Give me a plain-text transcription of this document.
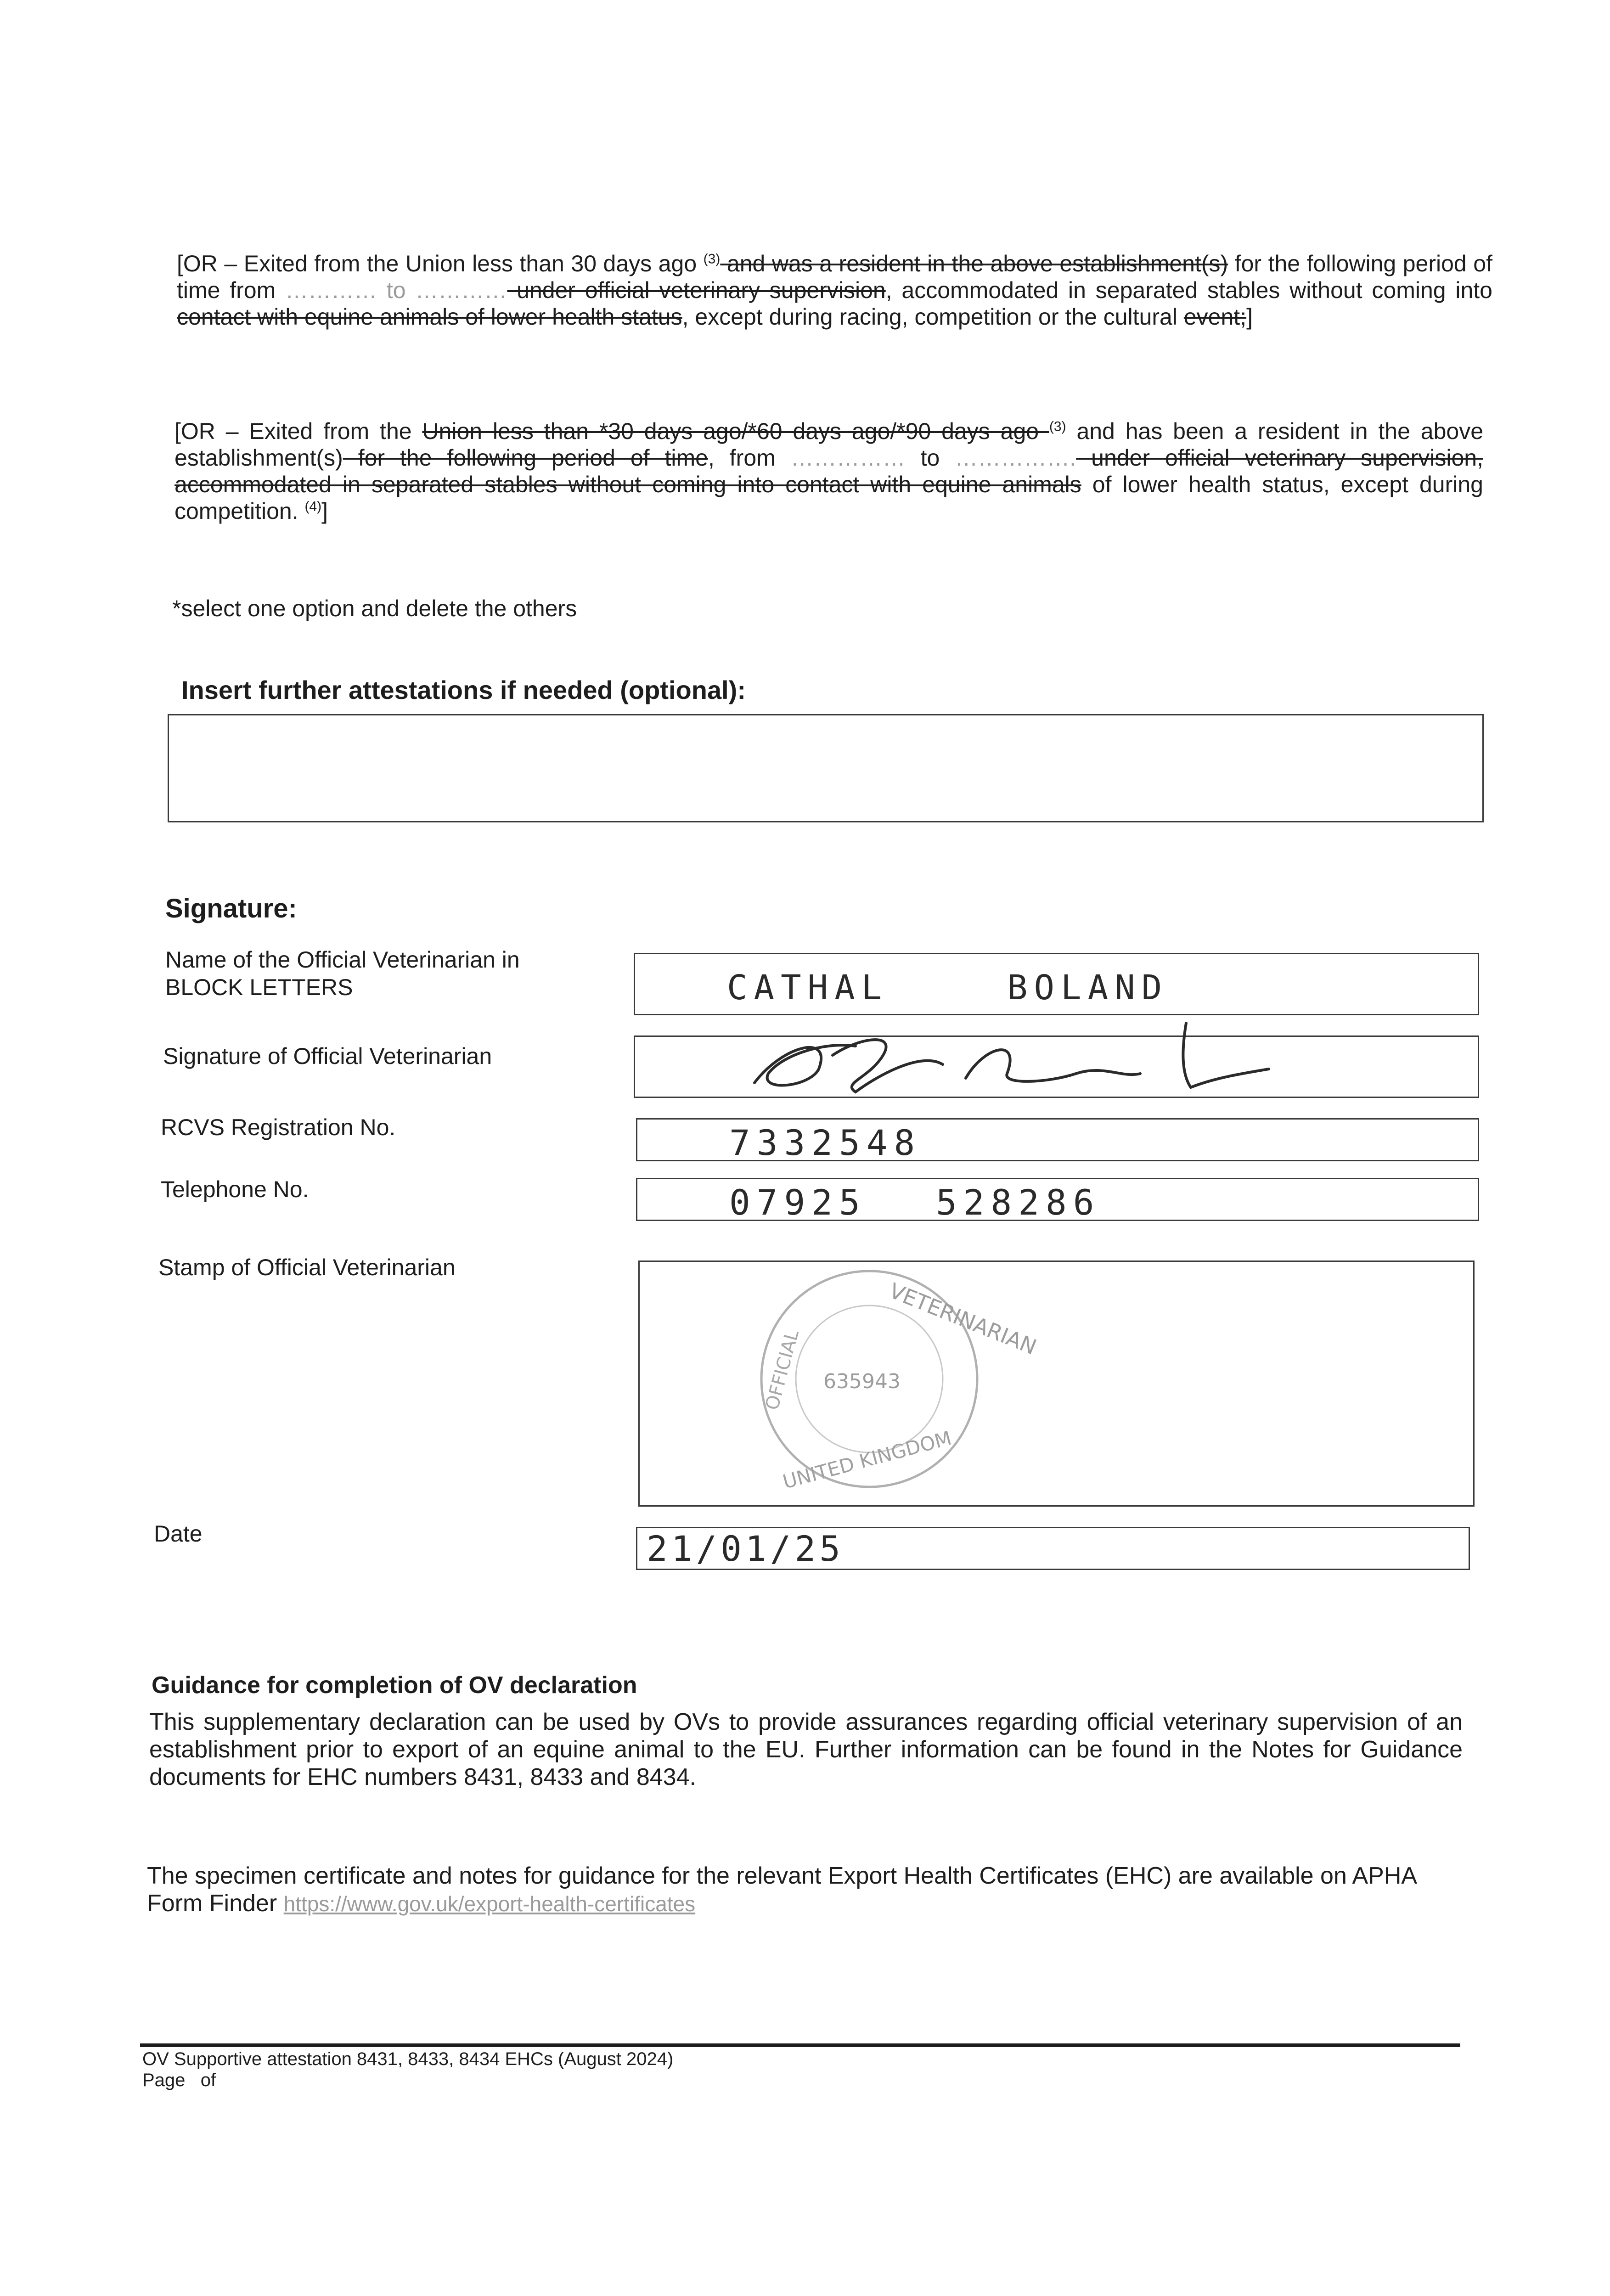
[OR – Exited from the Union less than 30 days ago $^{(3)}$ and was a resident in the above establishment(s) for the following period of time from ………… to ………… under official veterinary supervision, accommodated in separated stables without coming into contact with equine animals of lower health status, except during racing, competition or the cultural event;]
[OR – Exited from the Union less than *30 days ago/*60 days ago/*90 days ago $^{(3)}$ and has been a resident in the above establishment(s) for the following period of time, from …………… to ……………. under official veterinary supervision, accommodated in separated stables without coming into contact with equine animals of lower health status, except during competition. $^{(4)}$]
*select one option and delete the others
Insert further attestations if needed (optional):
Signature:
Name of the Official Veterinarian in
BLOCK LETTERS	CATHAL	BOLAND
Signature of Official Veterinarian
RCVS Registration No.	7332548
Telephone No.	07925 528286
Stamp of Official Veterinarian
VETERINARIAN
OFFICIAL 635943
UNITED KINGDOM
Date	21/01/25
Guidance for completion of OV declaration
This supplementary declaration can be used by OVs to provide assurances regarding official veterinary supervision of an establishment prior to export of an equine animal to the EU. Further information can be found in the Notes for Guidance documents for EHC numbers 8431, 8433 and 8434.
The specimen certificate and notes for guidance for the relevant Export Health Certificates (EHC) are available on APHA Form Finder https://www.gov.uk/export-health-certificates
OV Supportive attestation 8431, 8433, 8434 EHCs (August 2024)
Page   of
